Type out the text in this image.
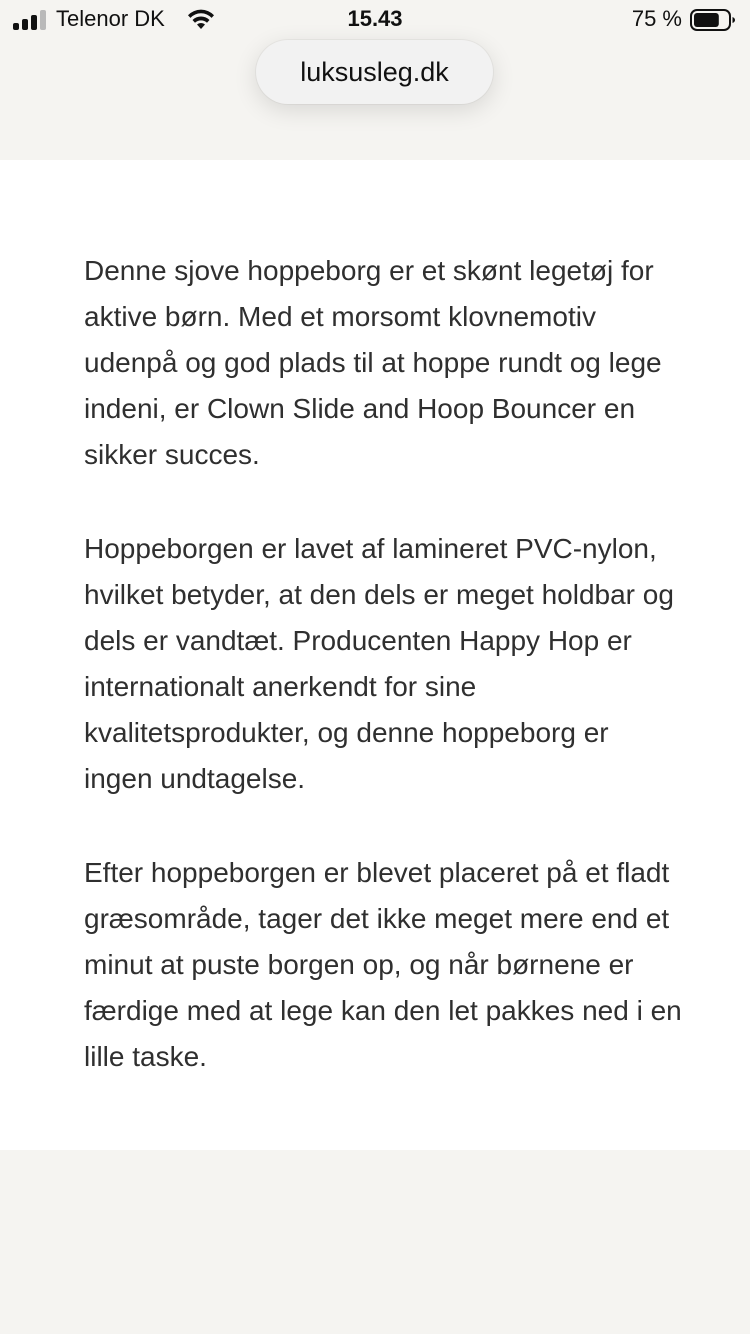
Telenor DK	15.43	75 %
luksusleg.dk

Denne sjove hoppeborg er et skønt legetøj for aktive børn. Med et morsomt klovnemotiv udenpå og god plads til at hoppe rundt og lege indeni, er Clown Slide and Hoop Bouncer en sikker succes.

Hoppeborgen er lavet af lamineret PVC-nylon, hvilket betyder, at den dels er meget holdbar og dels er vandtæt. Producenten Happy Hop er internationalt anerkendt for sine kvalitetsprodukter, og denne hoppeborg er ingen undtagelse.

Efter hoppeborgen er blevet placeret på et fladt græsområde, tager det ikke meget mere end et minut at puste borgen op, og når børnene er færdige med at lege kan den let pakkes ned i en lille taske.
